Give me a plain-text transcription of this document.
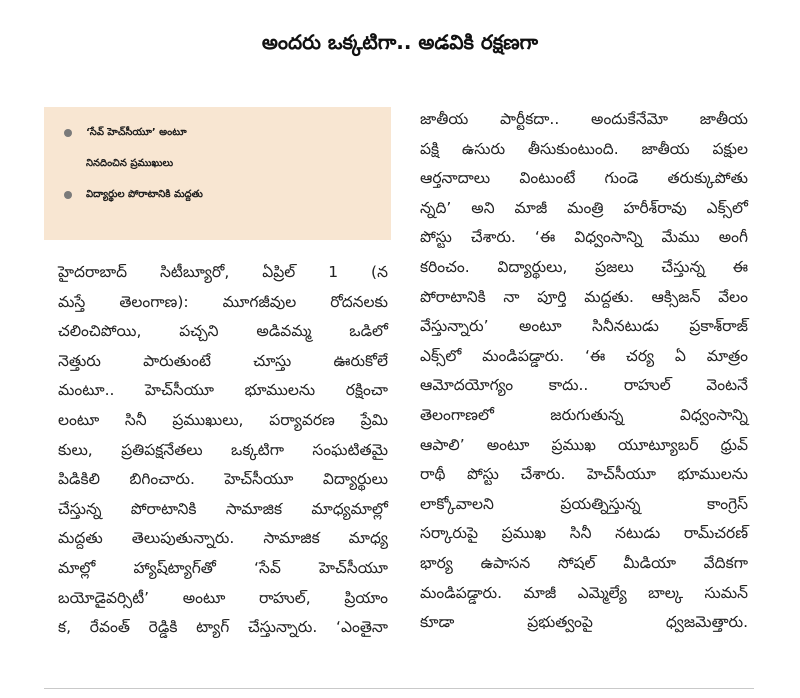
అందరు ఒక్కటిగా.. అడవికి రక్షణగా
‘సేవ్ హెచ్‌సీయూ’ అంటూ
నినదించిన ప్రముఖులు
విద్యార్థుల పోరాటానికి మద్దతు
హైదరాబాద్ సిటీబ్యూరో, ఏప్రిల్ 1 (న
మస్తే తెలంగాణ): మూగజీవుల రోదనలకు
చలించిపోయి, పచ్చని అడివమ్మ ఒడిలో
నెత్తురు పారుతుంటే చూస్తు ఊరుకోలే
మంటూ.. హెచ్‌సీయూ భూములను రక్షించా
లంటూ సినీ ప్రముఖులు, పర్యావరణ ప్రేమి
కులు, ప్రతిపక్షనేతలు ఒక్కటిగా సంఘటితమై
పిడికిలి బిగించారు. హెచ్‌సీయూ విద్యార్థులు
చేస్తున్న పోరాటానికి సామాజిక మాధ్యమాల్లో
మద్దతు తెలుపుతున్నారు. సామాజిక మాధ్య
మాల్లో హ్యాష్‌ట్యాగ్‌తో ‘సేవ్ హెచ్‌సీయూ
బయోడైవర్సిటీ’ అంటూ రాహుల్, ప్రియాం
క, రేవంత్ రెడ్డికి ట్యాగ్ చేస్తున్నారు. ‘ఎంతైనా
జాతీయ పార్టీకదా.. అందుకేనేమో జాతీయ
పక్షి ఉసురు తీసుకుంటుంది. జాతీయ పక్షుల
ఆర్తనాదాలు వింటుంటే గుండె తరుక్కుపోతు
న్నది’ అని మాజీ మంత్రి హరీశ్‌రావు ఎక్స్‌లో
పోస్టు చేశారు. ‘ఈ విధ్వంసాన్ని మేము అంగీ
కరించం. విద్యార్థులు, ప్రజలు చేస్తున్న ఈ
పోరాటానికి నా పూర్తి మద్దతు. ఆక్సిజన్ వేలం
వేస్తున్నారు’ అంటూ సినీనటుడు ప్రకాశ్‌రాజ్
ఎక్స్‌లో మండిపడ్డారు. ‘ఈ చర్య ఏ మాత్రం
ఆమోదయోగ్యం కాదు.. రాహుల్ వెంటనే
తెలంగాణలో జరుగుతున్న విధ్వంసాన్ని
ఆపాలి’ అంటూ ప్రముఖ యూట్యూబర్ ధ్రువ్
రాథీ పోస్టు చేశారు. హెచ్‌సీయూ భూములను
లాక్కోవాలని ప్రయత్నిస్తున్న కాంగ్రెస్
సర్కారుపై ప్రముఖ సినీ నటుడు రామ్‌చరణ్
భార్య ఉపాసన సోషల్ మీడియా వేదికగా
మండిపడ్డారు. మాజీ ఎమ్మెల్యే బాల్క సుమన్
కూడా ప్రభుత్వంపై ధ్వజమెత్తారు.
